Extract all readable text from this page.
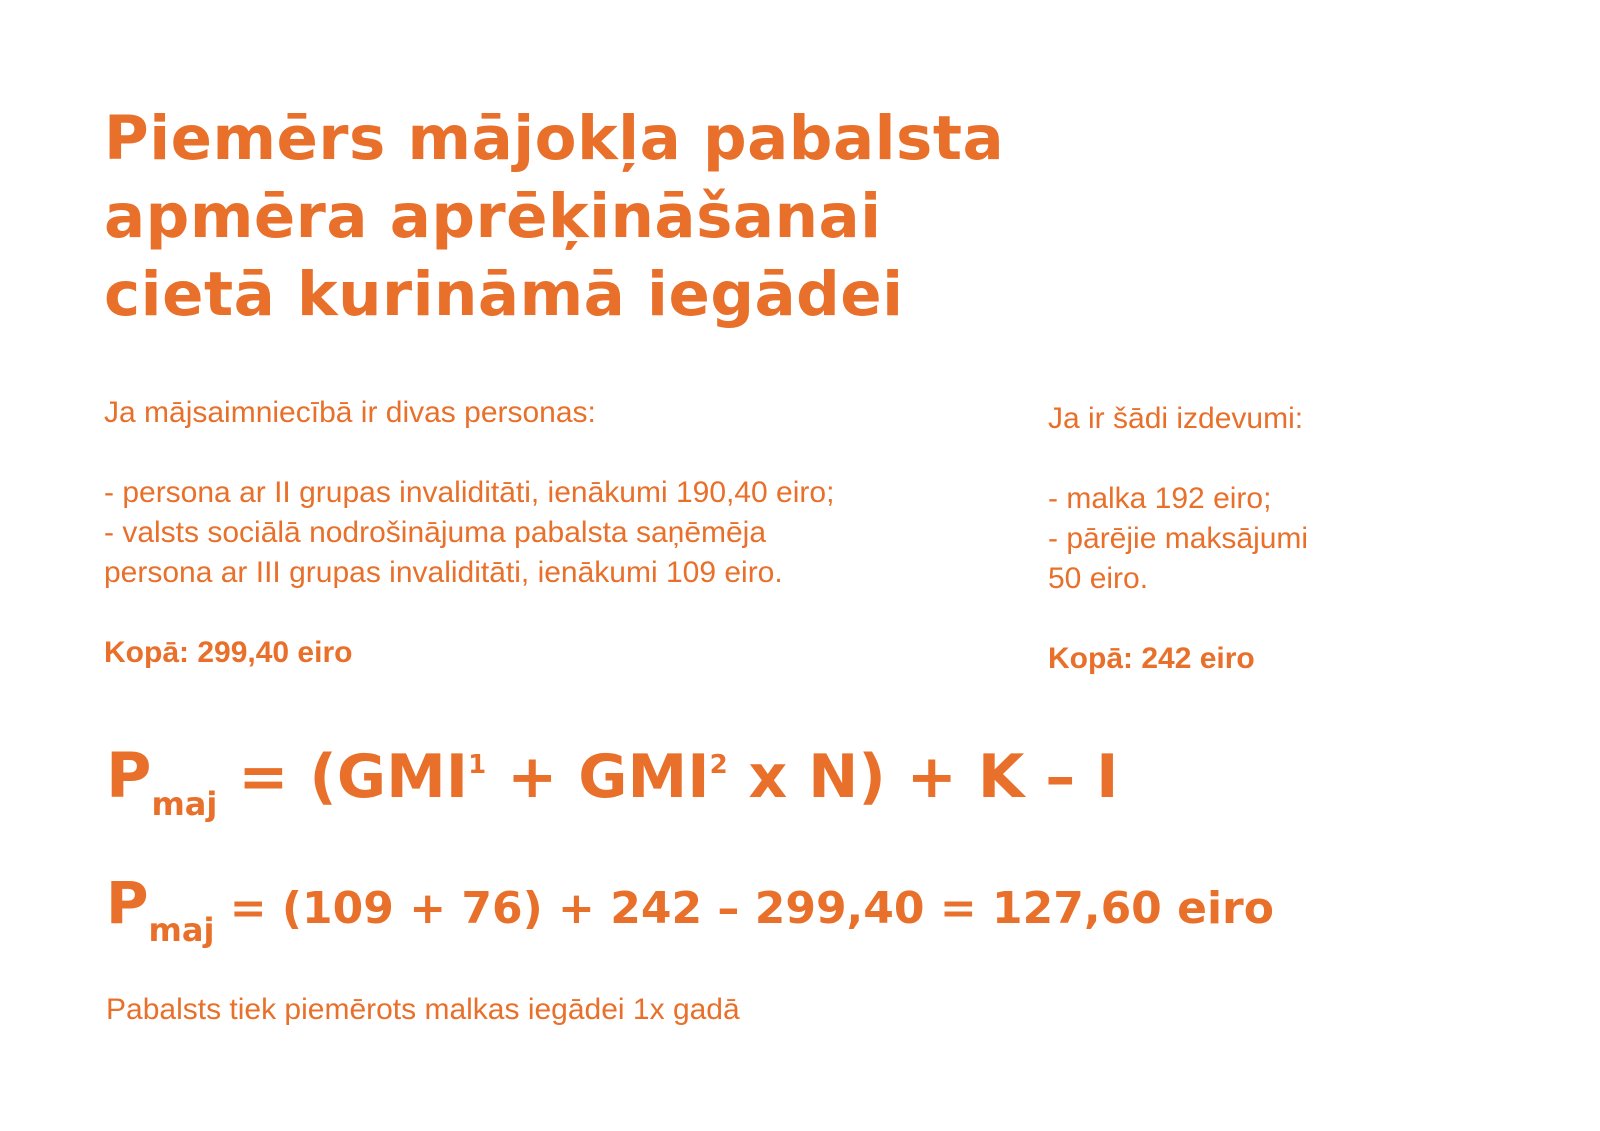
Piemērs mājokļa pabalsta
apmēra aprēķināšanai
cietā kurināmā iegādei

Ja mājsaimniecībā ir divas personas:

- persona ar II grupas invaliditāti, ienākumi 190,40 eiro;

- valsts sociālā nodrošinājuma pabalsta saņēmēja

persona ar III grupas invaliditāti, ienākumi 109 eiro.

Kopā: 299,40 eiro

Ja ir šādi izdevumi:

- malka 192 eiro;

- pārējie maksājumi

50 eiro.

Kopā: 242 eiro

$P_{maj} = (GMI^1 + GMI^2$ x N) + K – I

$P_{maj} = (109 + 76) + 242 - 299,40 = 127,60$ eiro

Pabalsts tiek piemērots malkas iegādei 1x gadā
